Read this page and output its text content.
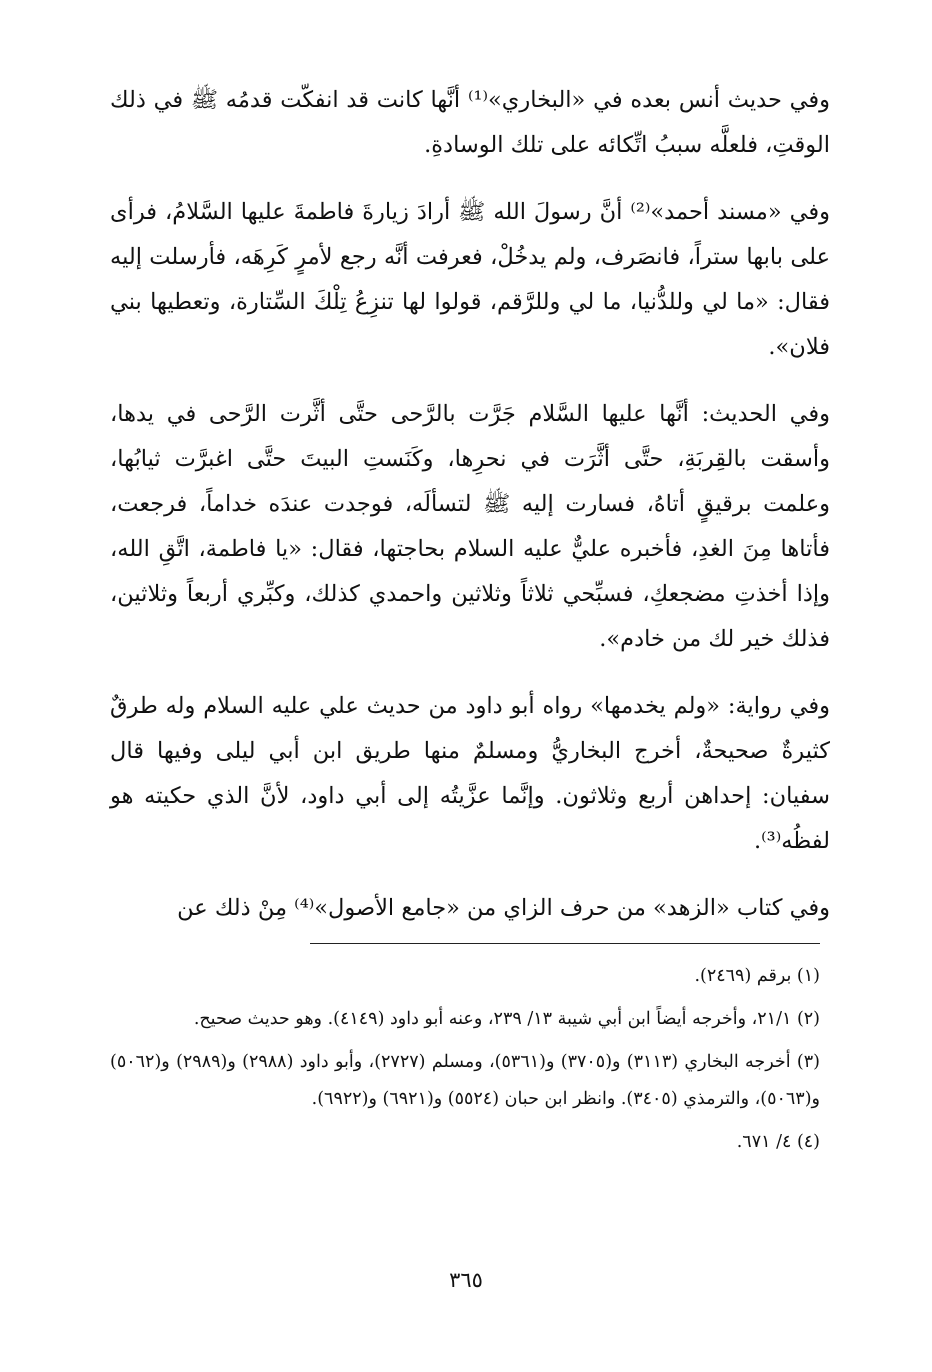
وفي حديث أنس بعده في «البخاري»⁽¹⁾ أنَّها كانت قد انفكّت قدمُه ﷺ في ذلك الوقتِ، فلعلَّه سببُ اتِّكائه على تلك الوسادةِ.

وفي «مسند أحمد»⁽²⁾ أنَّ رسولَ الله ﷺ أرادَ زيارةَ فاطمةَ عليها السَّلامُ، فرأى على بابها ستراً، فانصَرف، ولم يدخُلْ، فعرفت أنَّه رجع لأمرٍ كَرِهَه، فأرسلت إليه فقال: «ما لي وللدُّنيا، ما لي وللرَّقم، قولوا لها تنزِعُ تِلْكَ السِّتارة، وتعطيها بني فلان».

وفي الحديث: أنَّها عليها السَّلام جَرَّت بالرَّحى حتَّى أثَّرت الرَّحى في يدها، وأسقت بالقِربَةِ، حتَّى أثَّرَت في نحرِها، وكَنَستِ البيتَ حتَّى اغبرَّت ثيابُها، وعلمت برقيقٍ أتاهُ، فسارت إليه ﷺ لتسألَه، فوجدت عندَه خداماً، فرجعت، فأتاها مِنَ الغدِ، فأخبره عليٌّ عليه السلام بحاجتها، فقال: «يا فاطمة، اتَّقِ الله، وإذا أخذتِ مضجعكِ، فسبِّحي ثلاثاً وثلاثين واحمدي كذلك، وكبِّري أربعاً وثلاثين، فذلك خير لك من خادم».

وفي رواية: «ولم يخدمها» رواه أبو داود من حديث علي عليه السلام وله طرقٌ كثيرةٌ صحيحةٌ، أخرج البخاريُّ ومسلمٌ منها طريق ابن أبي ليلى وفيها قال سفيان: إحداهن أربع وثلاثون. وإنَّما عزَّيتُه إلى أبي داود، لأنَّ الذي حكيته هو لفظُه⁽³⁾.

وفي كتاب «الزهد» من حرف الزاي من «جامع الأصول»⁽⁴⁾ مِنْ ذلك عن

(١) برقم (٢٤٦٩).

(٢) ٢١/١، وأخرجه أيضاً ابن أبي شيبة ١٣/ ٢٣٩، وعنه أبو داود (٤١٤٩). وهو حديث صحيح.

(٣) أخرجه البخاري (٣١١٣) و(٣٧٠٥) و(٥٣٦١)، ومسلم (٢٧٢٧)، وأبو داود (٢٩٨٨) و(٢٩٨٩) و(٥٠٦٢) و(٥٠٦٣)، والترمذي (٣٤٠٥). وانظر ابن حبان (٥٥٢٤) و(٦٩٢١) و(٦٩٢٢).

(٤) ٤/ ٦٧١.

٣٦٥
